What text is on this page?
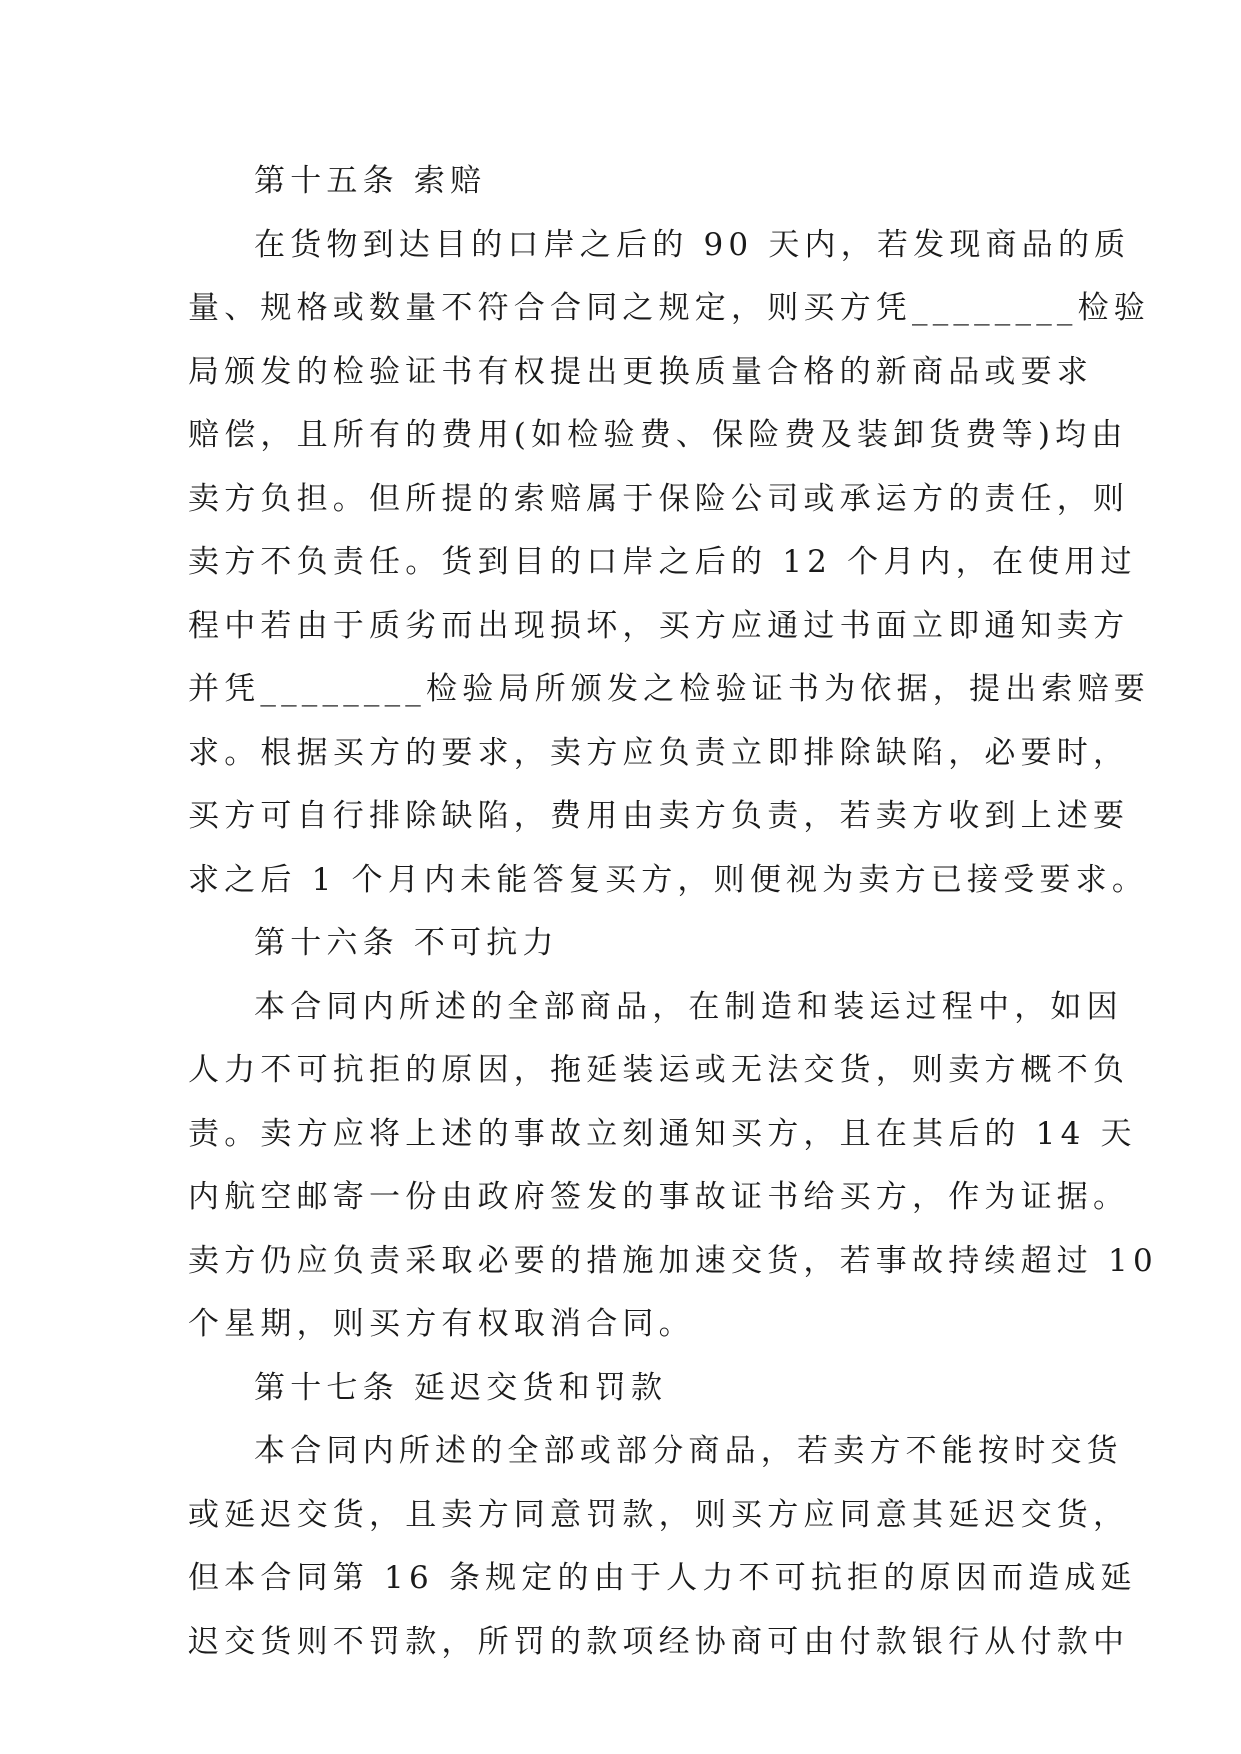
第十五条 索赔
在货物到达目的口岸之后的 90 天内，若发现商品的质
量、规格或数量不符合合同之规定，则买方凭________检验
局颁发的检验证书有权提出更换质量合格的新商品或要求
赔偿，且所有的费用(如检验费、保险费及装卸货费等)均由
卖方负担。但所提的索赔属于保险公司或承运方的责任，则
卖方不负责任。货到目的口岸之后的 12 个月内，在使用过
程中若由于质劣而出现损坏，买方应通过书面立即通知卖方
并凭________检验局所颁发之检验证书为依据，提出索赔要
求。根据买方的要求，卖方应负责立即排除缺陷，必要时，
买方可自行排除缺陷，费用由卖方负责，若卖方收到上述要
求之后 1 个月内未能答复买方，则便视为卖方已接受要求。
第十六条 不可抗力
本合同内所述的全部商品，在制造和装运过程中，如因
人力不可抗拒的原因，拖延装运或无法交货，则卖方概不负
责。卖方应将上述的事故立刻通知买方，且在其后的 14 天
内航空邮寄一份由政府签发的事故证书给买方，作为证据。
卖方仍应负责采取必要的措施加速交货，若事故持续超过 10
个星期，则买方有权取消合同。
第十七条 延迟交货和罚款
本合同内所述的全部或部分商品，若卖方不能按时交货
或延迟交货，且卖方同意罚款，则买方应同意其延迟交货，
但本合同第 16 条规定的由于人力不可抗拒的原因而造成延
迟交货则不罚款，所罚的款项经协商可由付款银行从付款中
